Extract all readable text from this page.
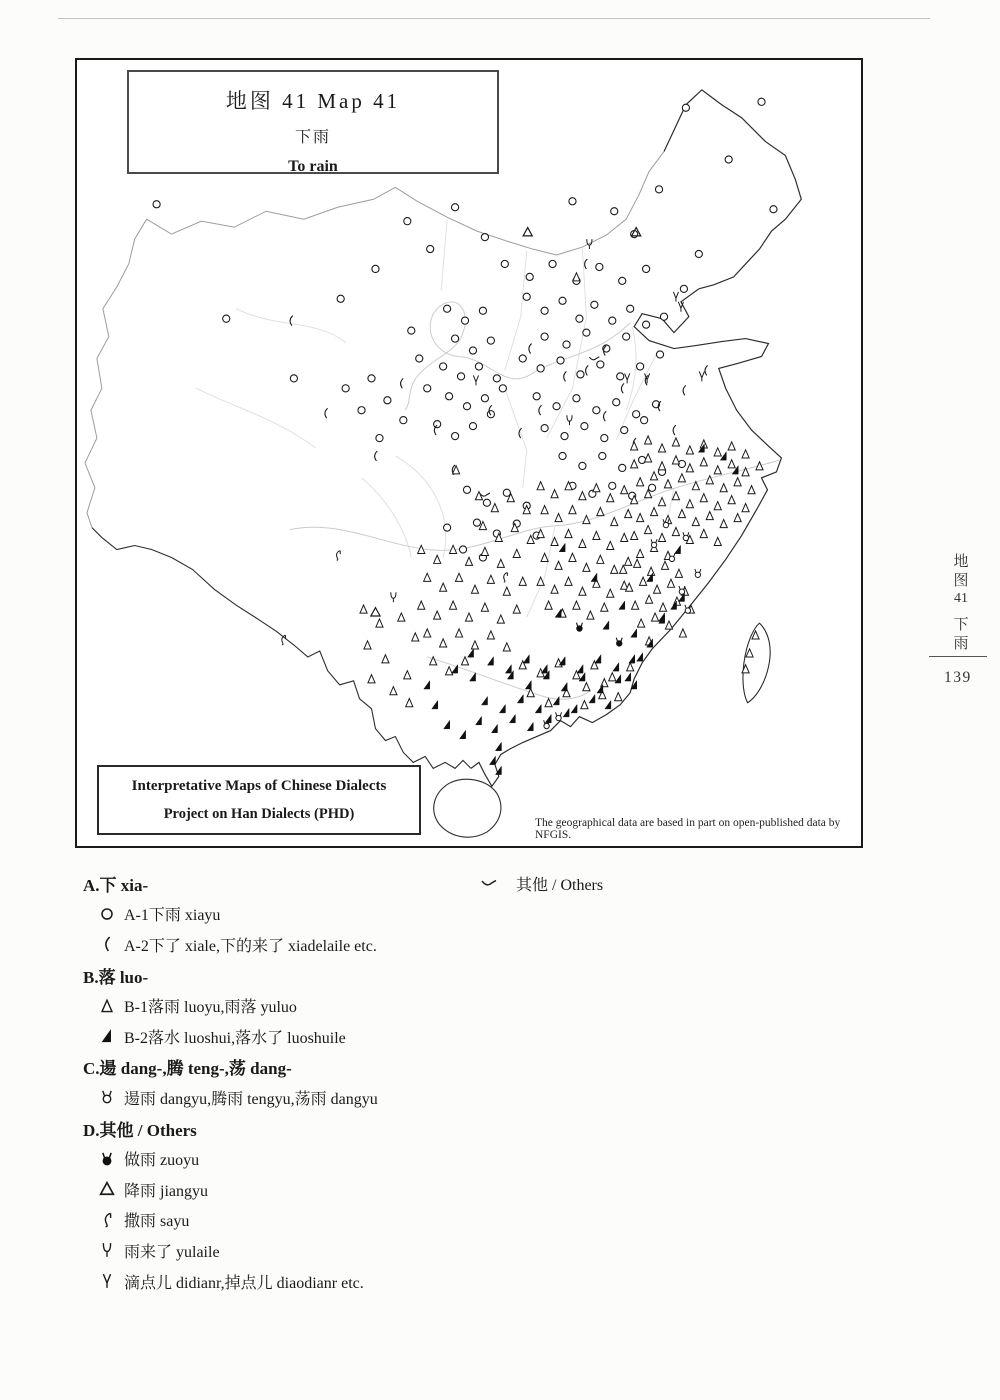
地图 41 Map 41
下雨
To rain
Interpretative Maps of Chinese Dialects
Project on Han Dialects (PHD)
The geographical data are based in part on open-published data by NFGIS.
地
图
41
下
雨
139
A.下 xia-
A-1下雨 xiayu
A-2下了 xiale,下的来了 xiadelaile etc.
B.落 luo-
B-1落雨 luoyu,雨落 yuluo
B-2落水 luoshui,落水了 luoshuile
C.逿 dang-,腾 teng-,荡 dang-
逿雨 dangyu,腾雨 tengyu,荡雨 dangyu
D.其他 / Others
做雨 zuoyu
降雨 jiangyu
撒雨 sayu
雨来了 yulaile
滴点儿 didianr,掉点儿 diaodianr etc.
其他 / Others
